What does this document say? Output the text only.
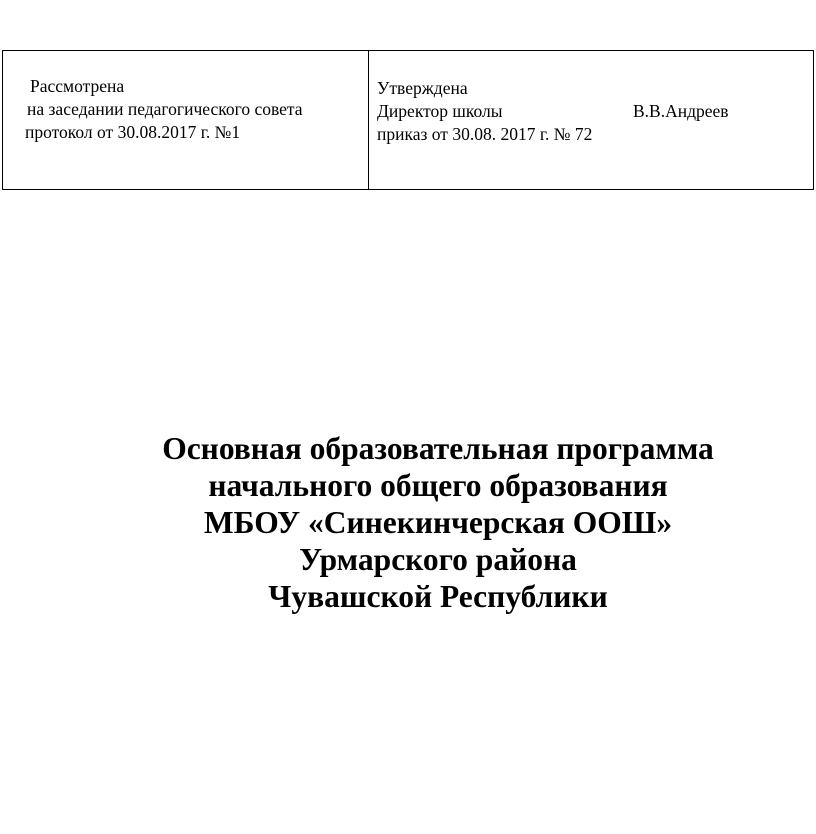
Рассмотрена
на заседании педагогического совета
протокол от 30.08.2017 г. №1
Утверждена
Директор школы	В.В.Андреев
приказ от 30.08. 2017 г. № 72
Основная образовательная программа
начального общего образования
МБОУ «Синекинчерская ООШ»
Урмарского района
Чувашской Республики
